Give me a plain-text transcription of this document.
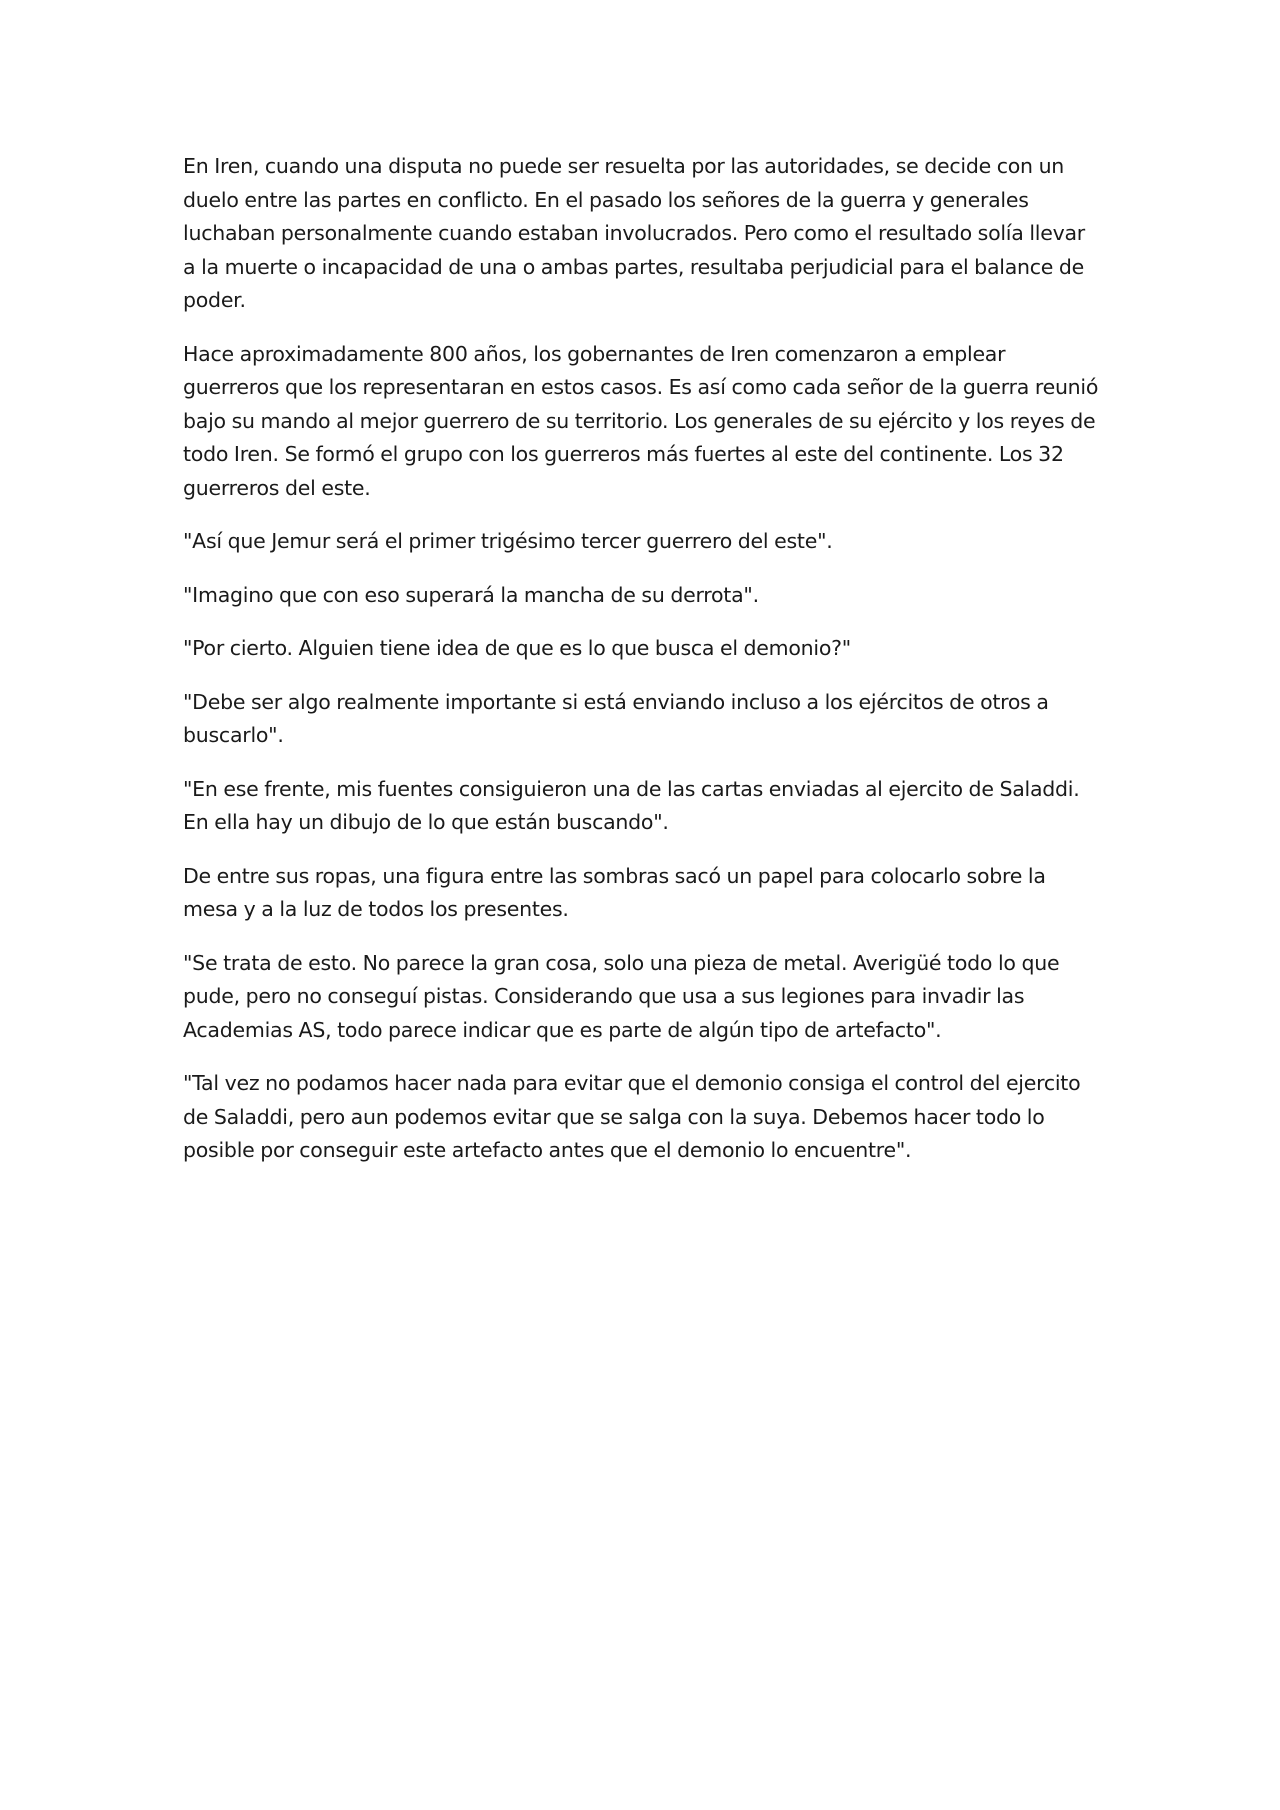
En Iren, cuando una disputa no puede ser resuelta por las autoridades, se decide con un duelo entre las partes en conflicto. En el pasado los señores de la guerra y generales luchaban personalmente cuando estaban involucrados. Pero como el resultado solía llevar a la muerte o incapacidad de una o ambas partes, resultaba perjudicial para el balance de poder.

Hace aproximadamente 800 años, los gobernantes de Iren comenzaron a emplear guerreros que los representaran en estos casos. Es así como cada señor de la guerra reunió bajo su mando al mejor guerrero de su territorio. Los generales de su ejército y los reyes de todo Iren. Se formó el grupo con los guerreros más fuertes al este del continente. Los 32 guerreros del este.

"Así que Jemur será el primer trigésimo tercer guerrero del este".

"Imagino que con eso superará la mancha de su derrota".

"Por cierto. Alguien tiene idea de que es lo que busca el demonio?"

"Debe ser algo realmente importante si está enviando incluso a los ejércitos de otros a buscarlo".

"En ese frente, mis fuentes consiguieron una de las cartas enviadas al ejercito de Saladdi. En ella hay un dibujo de lo que están buscando".

De entre sus ropas, una figura entre las sombras sacó un papel para colocarlo sobre la mesa y a la luz de todos los presentes.

"Se trata de esto. No parece la gran cosa, solo una pieza de metal. Averigüé todo lo que pude, pero no conseguí pistas. Considerando que usa a sus legiones para invadir las Academias AS, todo parece indicar que es parte de algún tipo de artefacto".

"Tal vez no podamos hacer nada para evitar que el demonio consiga el control del ejercito de Saladdi, pero aun podemos evitar que se salga con la suya. Debemos hacer todo lo posible por conseguir este artefacto antes que el demonio lo encuentre".
